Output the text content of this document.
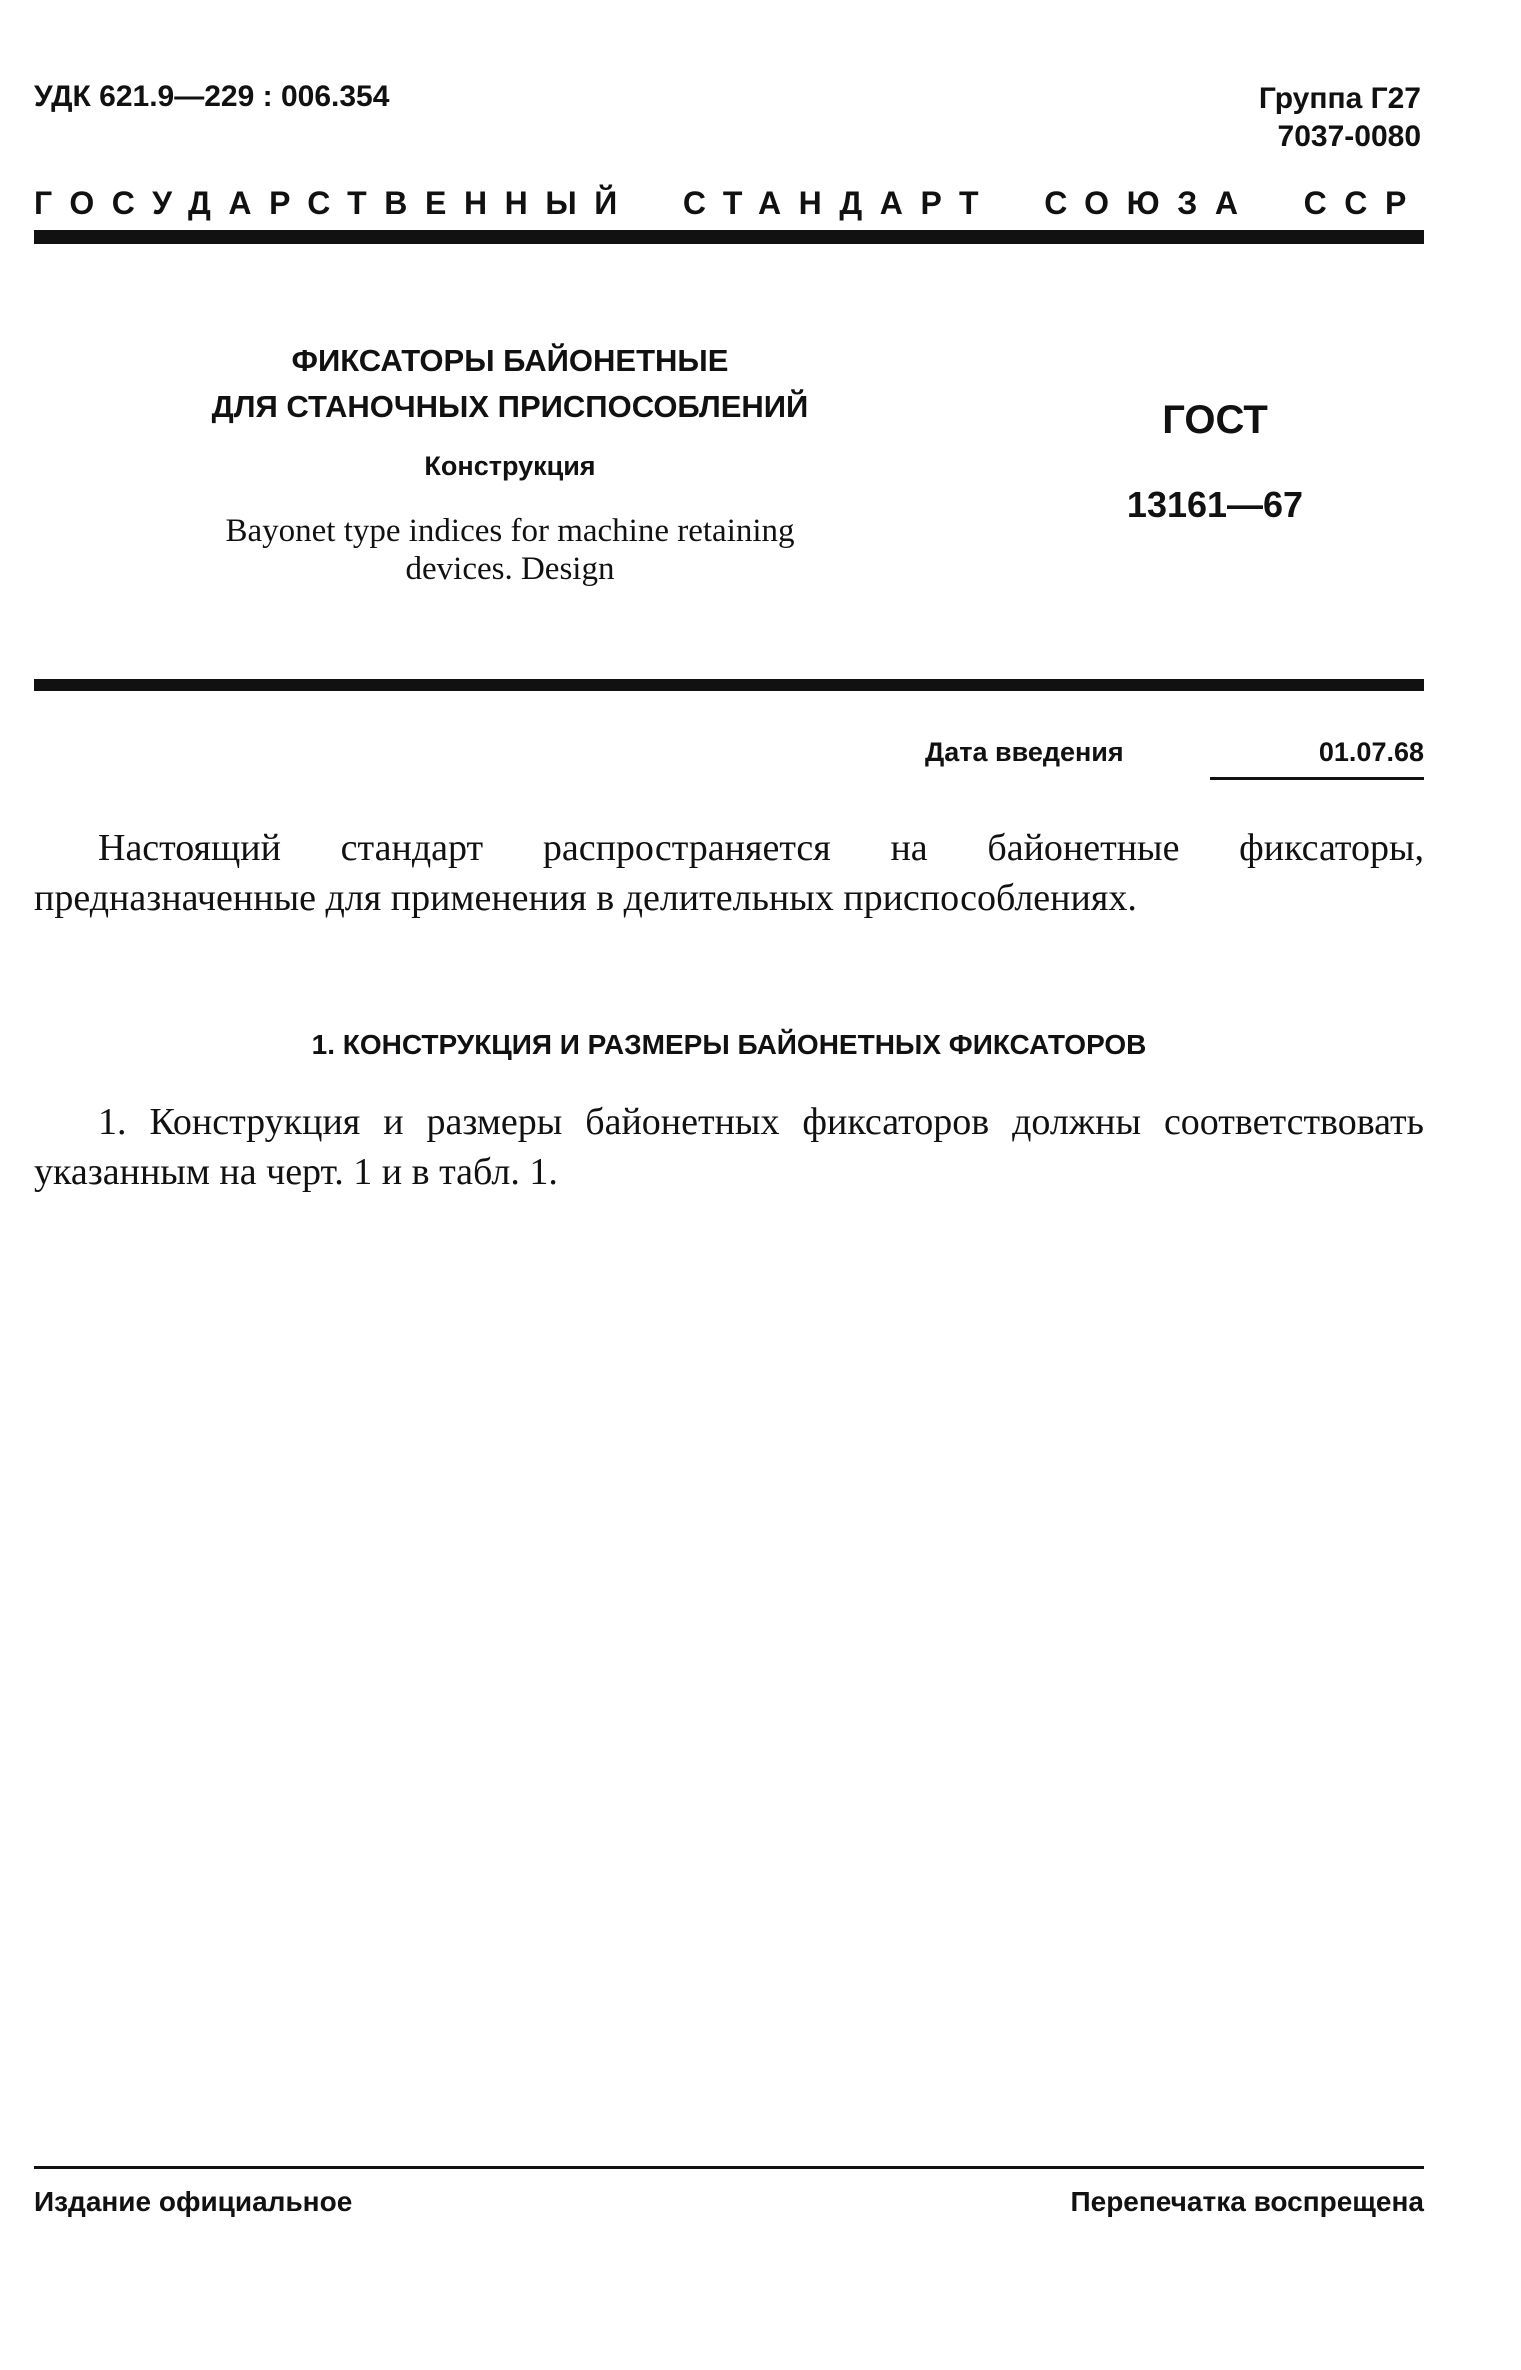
УДК 621.9—229 : 006.354	Группа Г27
7037-0080
ГОСУДАРСТВЕННЫЙ СТАНДАРТ СОЮЗА ССР
ФИКСАТОРЫ БАЙОНЕТНЫЕ
ДЛЯ СТАНОЧНЫХ ПРИСПОСОБЛЕНИЙ
Конструкция
Bayonet type indices for machine retaining
devices. Design
ГОСТ
13161—67
Дата введения	01.07.68

Настоящий стандарт распространяется на байонетные фиксаторы, предназначенные для применения в делительных приспособлениях.

1. КОНСТРУКЦИЯ И РАЗМЕРЫ БАЙОНЕТНЫХ ФИКСАТОРОВ

1. Конструкция и размеры байонетных фиксаторов должны соответствовать указанным на черт. 1 и в табл. 1.

Издание официальное	Перепечатка воспрещена
